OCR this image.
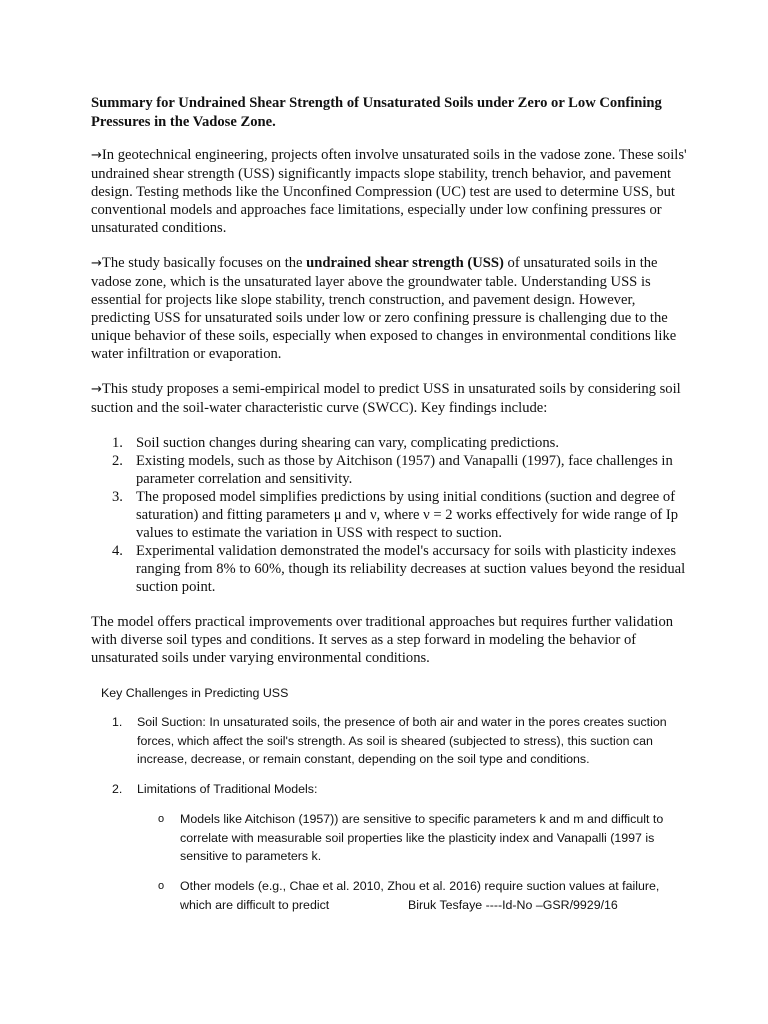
Summary for Undrained Shear Strength of Unsaturated Soils under Zero or Low Confining Pressures in the Vadose Zone.

→In geotechnical engineering, projects often involve unsaturated soils in the vadose zone. These soils' undrained shear strength (USS) significantly impacts slope stability, trench behavior, and pavement design. Testing methods like the Unconfined Compression (UC) test are used to determine USS, but conventional models and approaches face limitations, especially under low confining pressures or unsaturated conditions.

→The study basically focuses on the undrained shear strength (USS) of unsaturated soils in the vadose zone, which is the unsaturated layer above the groundwater table. Understanding USS is essential for projects like slope stability, trench construction, and pavement design. However, predicting USS for unsaturated soils under low or zero confining pressure is challenging due to the unique behavior of these soils, especially when exposed to changes in environmental conditions like water infiltration or evaporation.

→This study proposes a semi-empirical model to predict USS in unsaturated soils by considering soil suction and the soil-water characteristic curve (SWCC). Key findings include:

1. Soil suction changes during shearing can vary, complicating predictions.
2. Existing models, such as those by Aitchison (1957) and Vanapalli (1997), face challenges in parameter correlation and sensitivity.
3. The proposed model simplifies predictions by using initial conditions (suction and degree of saturation) and fitting parameters μ and ν, where ν = 2 works effectively for wide range of Ip values to estimate the variation in USS with respect to suction.
4. Experimental validation demonstrated the model's accursacy for soils with plasticity indexes ranging from 8% to 60%, though its reliability decreases at suction values beyond the residual suction point.

The model offers practical improvements over traditional approaches but requires further validation with diverse soil types and conditions. It serves as a step forward in modeling the behavior of unsaturated soils under varying environmental conditions.

Key Challenges in Predicting USS
1. Soil Suction: In unsaturated soils, the presence of both air and water in the pores creates suction forces, which affect the soil's strength. As soil is sheared (subjected to stress), this suction can increase, decrease, or remain constant, depending on the soil type and conditions.
2. Limitations of Traditional Models:
o Models like Aitchison (1957)) are sensitive to specific parameters k and m and difficult to correlate with measurable soil properties like the plasticity index and Vanapalli (1997 is sensitive to parameters k.
o Other models (e.g., Chae et al. 2010, Zhou et al. 2016) require suction values at failure,
which are difficult to predict	Biruk Tesfaye ----Id-No –GSR/9929/16
